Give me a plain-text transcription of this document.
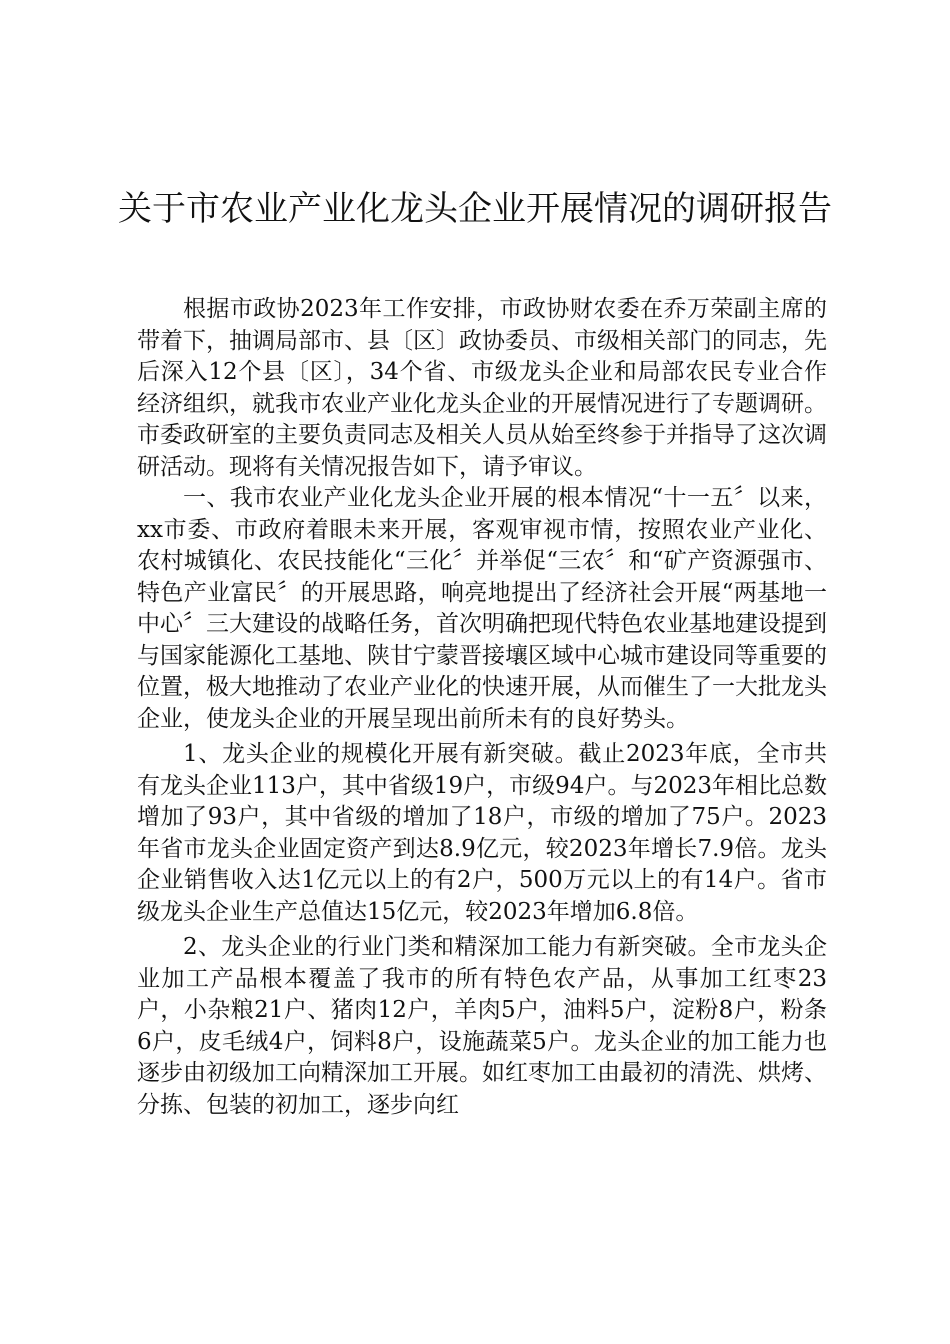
关于市农业产业化龙头企业开展情况的调研报告

根据市政协2023年工作安排，市政协财农委在乔万荣副主席的带着下，抽调局部市、县〔区〕政协委员、市级相关部门的同志，先后深入12个县〔区〕，34个省、市级龙头企业和局部农民专业合作经济组织，就我市农业产业化龙头企业的开展情况进行了专题调研。市委政研室的主要负责同志及相关人员从始至终参于并指导了这次调研活动。现将有关情况报告如下，请予审议。

一、我市农业产业化龙头企业开展的根本情况“十一五〞以来，xx市委、市政府着眼未来开展，客观审视市情，按照农业产业化、农村城镇化、农民技能化“三化〞并举促“三农〞和“矿产资源强市、特色产业富民〞的开展思路，响亮地提出了经济社会开展“两基地一中心〞三大建设的战略任务，首次明确把现代特色农业基地建设提到与国家能源化工基地、陕甘宁蒙晋接壤区域中心城市建设同等重要的位置，极大地推动了农业产业化的快速开展，从而催生了一大批龙头企业，使龙头企业的开展呈现出前所未有的良好势头。

1、龙头企业的规模化开展有新突破。截止2023年底，全市共有龙头企业113户，其中省级19户，市级94户。与2023年相比总数增加了93户，其中省级的增加了18户，市级的增加了75户。2023年省市龙头企业固定资产到达8.9亿元，较2023年增长7.9倍。龙头企业销售收入达1亿元以上的有2户，500万元以上的有14户。省市级龙头企业生产总值达15亿元，较2023年增加6.8倍。

2、龙头企业的行业门类和精深加工能力有新突破。全市龙头企业加工产品根本覆盖了我市的所有特色农产品，从事加工红枣23户，小杂粮21户、猪肉12户，羊肉5户，油料5户，淀粉8户，粉条6户，皮毛绒4户，饲料8户，设施蔬菜5户。龙头企业的加工能力也逐步由初级加工向精深加工开展。如红枣加工由最初的清洗、烘烤、分拣、包装的初加工，逐步向红
